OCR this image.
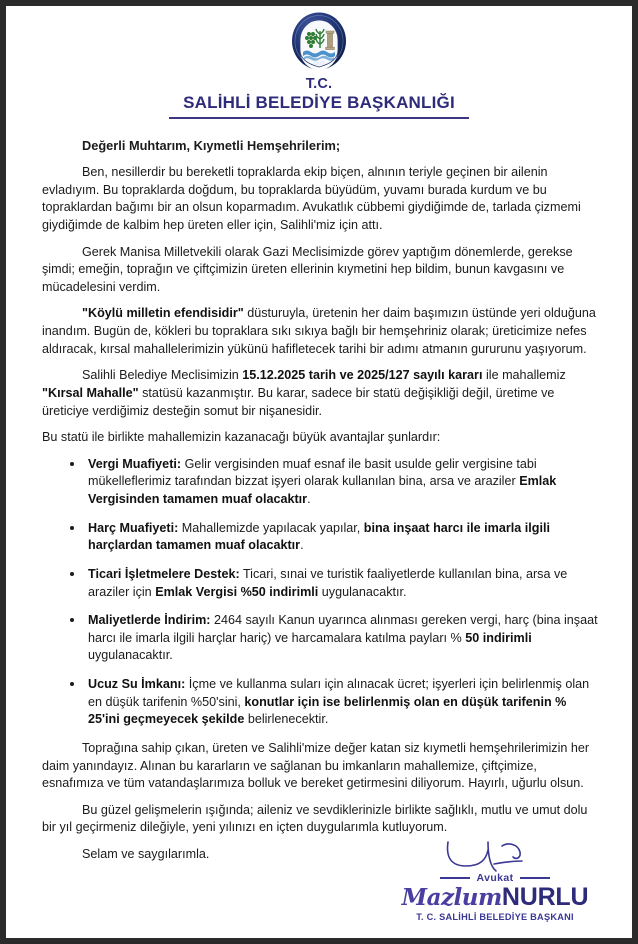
1979
T.C.
SALİHLİ BELEDİYE BAŞKANLIĞI

Değerli Muhtarım, Kıymetli Hemşehrilerim;

Ben, nesillerdir bu bereketli topraklarda ekip biçen, alnının teriyle geçinen bir ailenin evladıyım. Bu topraklarda doğdum, bu topraklarda büyüdüm, yuvamı burada kurdum ve bu topraklardan bağımı bir an olsun koparmadım. Avukatlık cübbemi giydiğimde de, tarlada çizmemi giydiğimde de kalbim hep üreten eller için, Salihli'miz için attı.

Gerek Manisa Milletvekili olarak Gazi Meclisimizde görev yaptığım dönemlerde, gerekse şimdi; emeğin, toprağın ve çiftçimizin üreten ellerinin kıymetini hep bildim, bunun kavgasını ve mücadelesini verdim.

"Köylü milletin efendisidir" düsturuyla, üretenin her daim başımızın üstünde yeri olduğuna inandım. Bugün de, kökleri bu topraklara sıkı sıkıya bağlı bir hemşehriniz olarak; üreticimize nefes aldıracak, kırsal mahallelerimizin yükünü hafifletecek tarihi bir adımı atmanın gururunu yaşıyorum.

Salihli Belediye Meclisimizin 15.12.2025 tarih ve 2025/127 sayılı kararı ile mahallemiz "Kırsal Mahalle" statüsü kazanmıştır. Bu karar, sadece bir statü değişikliği değil, üretime ve üreticiye verdiğimiz desteğin somut bir nişanesidir.

Bu statü ile birlikte mahallemizin kazanacağı büyük avantajlar şunlardır:

Vergi Muafiyeti: Gelir vergisinden muaf esnaf ile basit usulde gelir vergisine tabi mükelleflerimiz tarafından bizzat işyeri olarak kullanılan bina, arsa ve araziler Emlak Vergisinden tamamen muaf olacaktır.
Harç Muafiyeti: Mahallemizde yapılacak yapılar, bina inşaat harcı ile imarla ilgili harçlardan tamamen muaf olacaktır.
Ticari İşletmelere Destek: Ticari, sınai ve turistik faaliyetlerde kullanılan bina, arsa ve araziler için Emlak Vergisi %50 indirimli uygulanacaktır.
Maliyetlerde İndirim: 2464 sayılı Kanun uyarınca alınması gereken vergi, harç (bina inşaat harcı ile imarla ilgili harçlar hariç) ve harcamalara katılma payları % 50 indirimli uygulanacaktır.
Ucuz Su İmkanı: İçme ve kullanma suları için alınacak ücret; işyerleri için belirlenmiş olan en düşük tarifenin %50'sini, konutlar için ise belirlenmiş olan en düşük tarifenin % 25'ini geçmeyecek şekilde belirlenecektir.

Toprağına sahip çıkan, üreten ve Salihli'mize değer katan siz kıymetli hemşehrilerimizin her daim yanındayız. Alınan bu kararların ve sağlanan bu imkanların mahallemize, çiftçimize, esnafımıza ve tüm vatandaşlarımıza bolluk ve bereket getirmesini diliyorum. Hayırlı, uğurlu olsun.

Bu güzel gelişmelerin ışığında; aileniz ve sevdiklerinizle birlikte sağlıklı, mutlu ve umut dolu bir yıl geçirmeniz dileğiyle, yeni yılınızı en içten duygularımla kutluyorum.

Selam ve saygılarımla.

Avukat
MazlumNURLU
T. C. SALİHLİ BELEDİYE BAŞKANI
